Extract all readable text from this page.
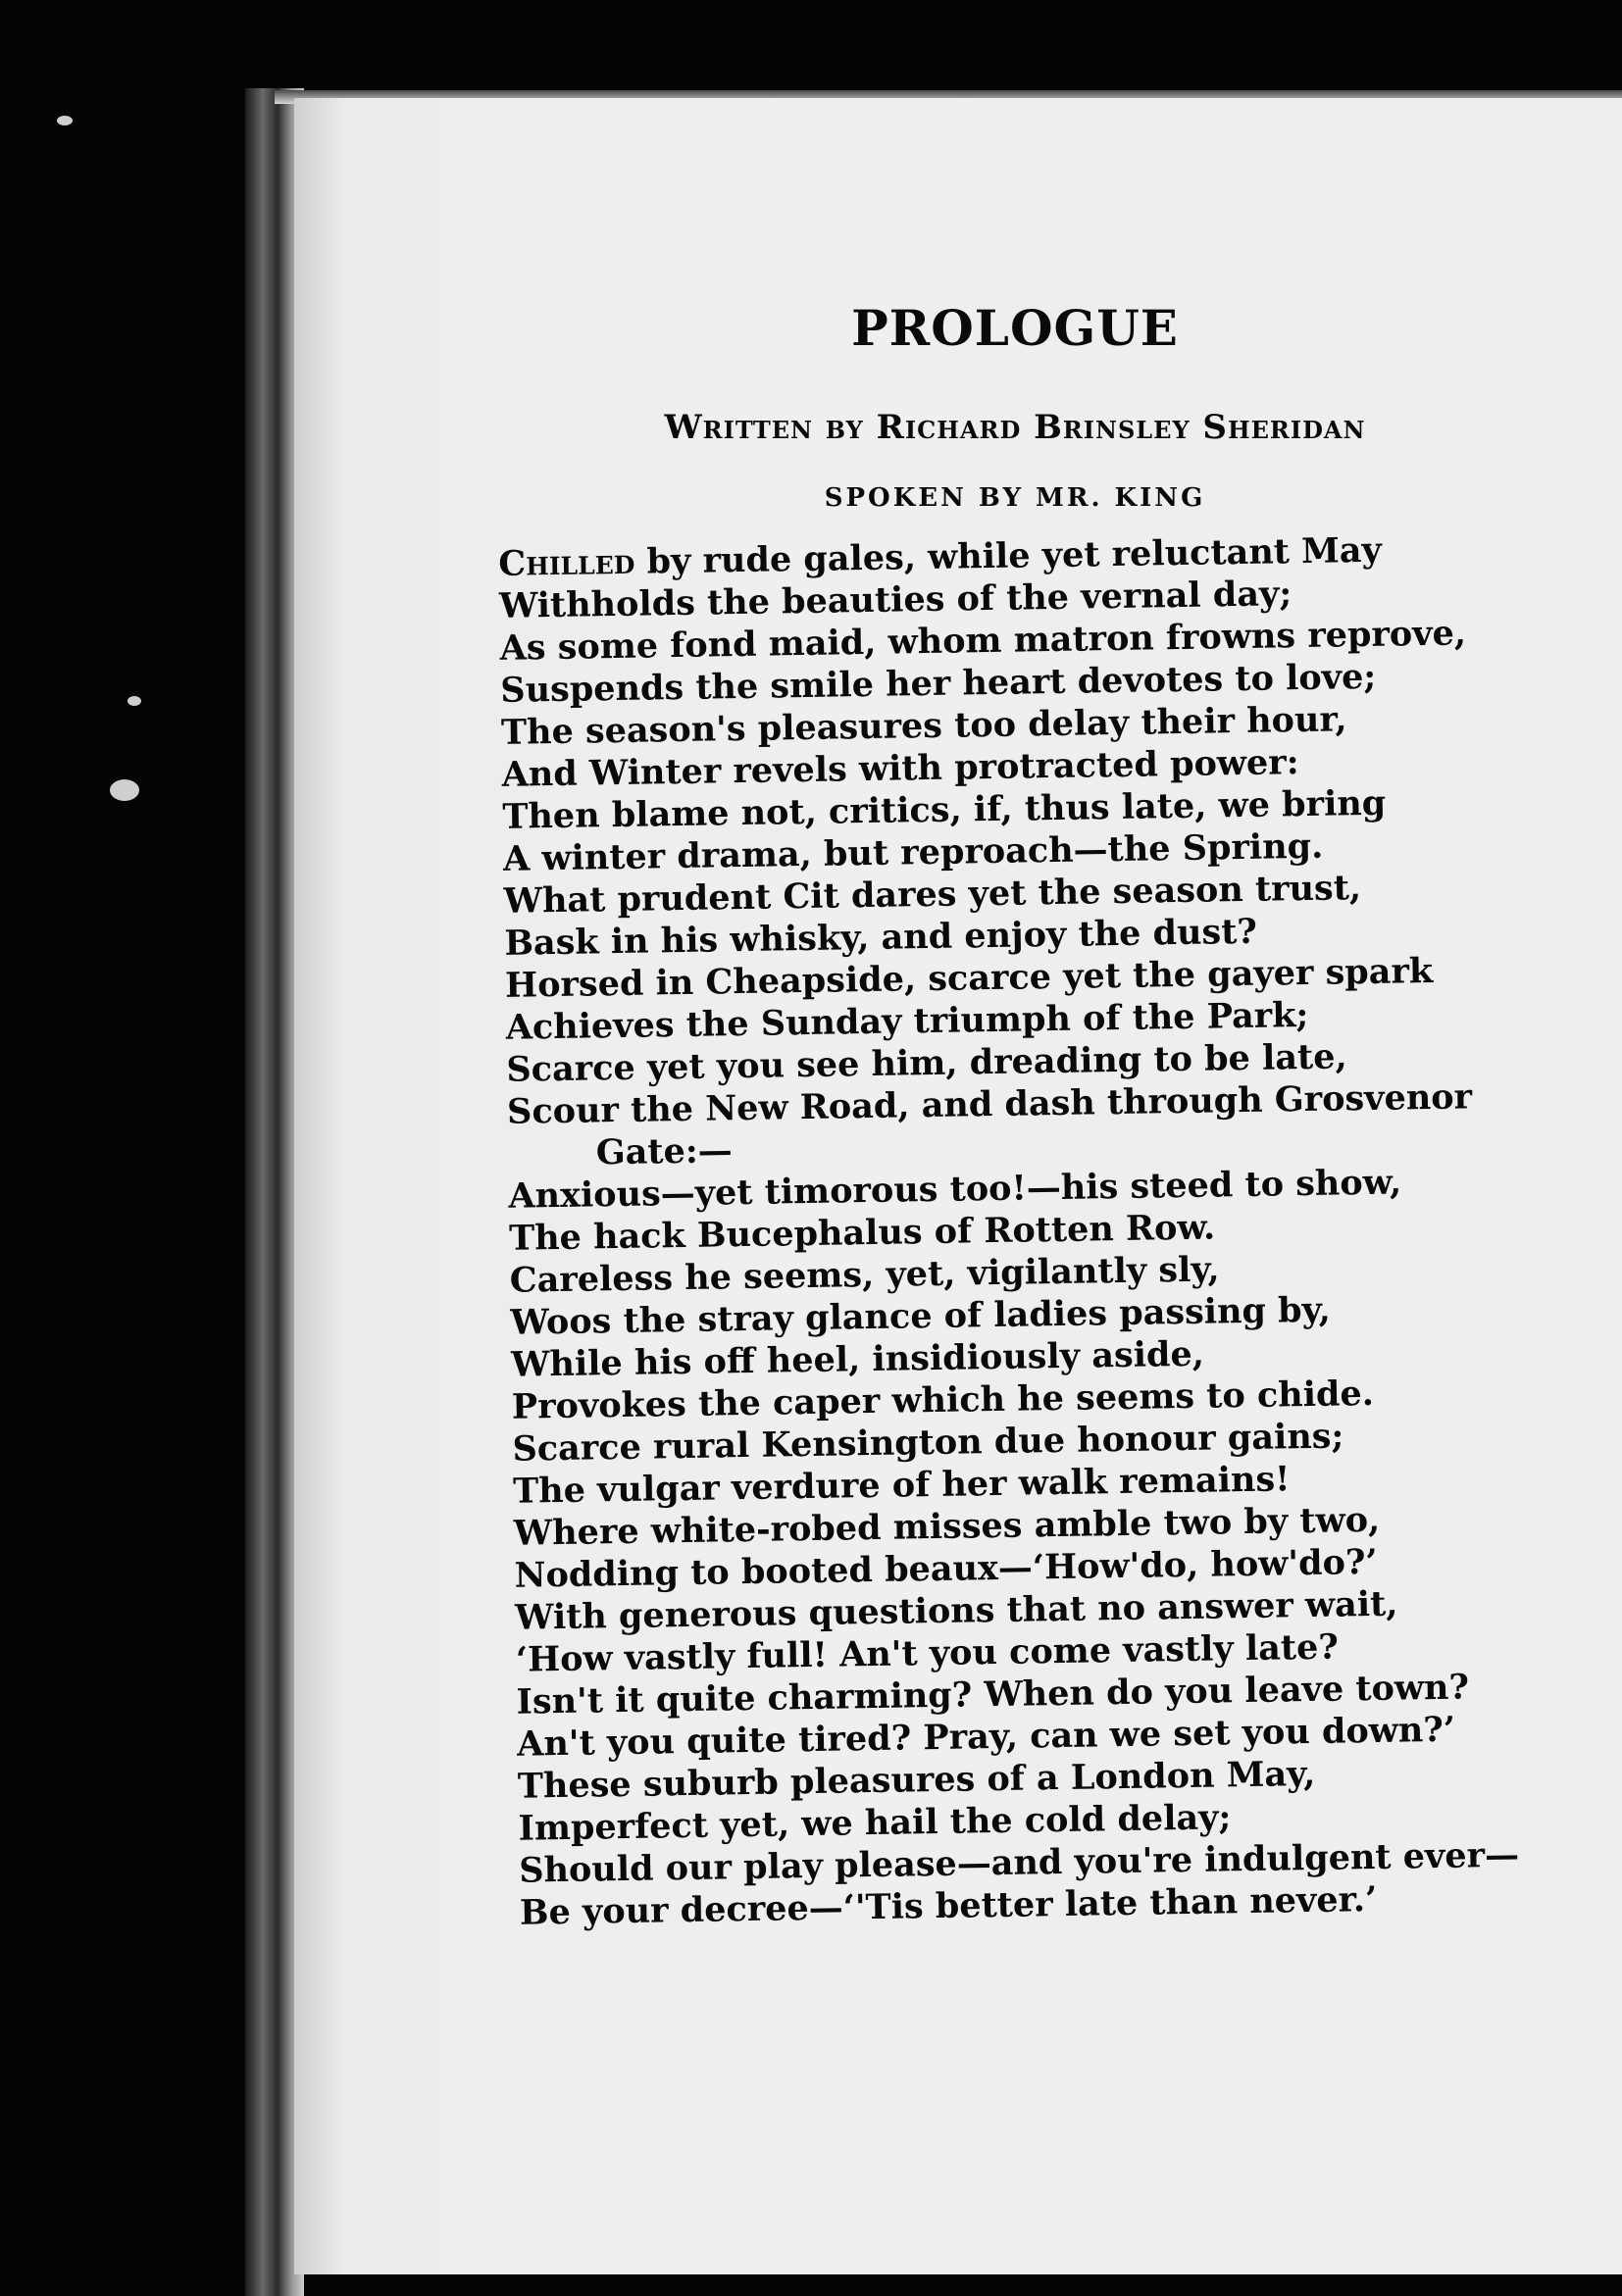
PROLOGUE
Written by Richard Brinsley Sheridan
SPOKEN BY MR. KING
Chilled by rude gales, while yet reluctant May
Withholds the beauties of the vernal day;
As some fond maid, whom matron frowns reprove,
Suspends the smile her heart devotes to love;
The season's pleasures too delay their hour,
And Winter revels with protracted power:
Then blame not, critics, if, thus late, we bring
A winter drama, but reproach—the Spring.
What prudent Cit dares yet the season trust,
Bask in his whisky, and enjoy the dust?
Horsed in Cheapside, scarce yet the gayer spark
Achieves the Sunday triumph of the Park;
Scarce yet you see him, dreading to be late,
Scour the New Road, and dash through Grosvenor
Gate:—
Anxious—yet timorous too!—his steed to show,
The hack Bucephalus of Rotten Row.
Careless he seems, yet, vigilantly sly,
Woos the stray glance of ladies passing by,
While his off heel, insidiously aside,
Provokes the caper which he seems to chide.
Scarce rural Kensington due honour gains;
The vulgar verdure of her walk remains!
Where white-robed misses amble two by two,
Nodding to booted beaux—‘How'do, how'do?’
With generous questions that no answer wait,
‘How vastly full! An't you come vastly late?
Isn't it quite charming? When do you leave town?
An't you quite tired? Pray, can we set you down?’
These suburb pleasures of a London May,
Imperfect yet, we hail the cold delay;
Should our play please—and you're indulgent ever—
Be your decree—‘'Tis better late than never.’
